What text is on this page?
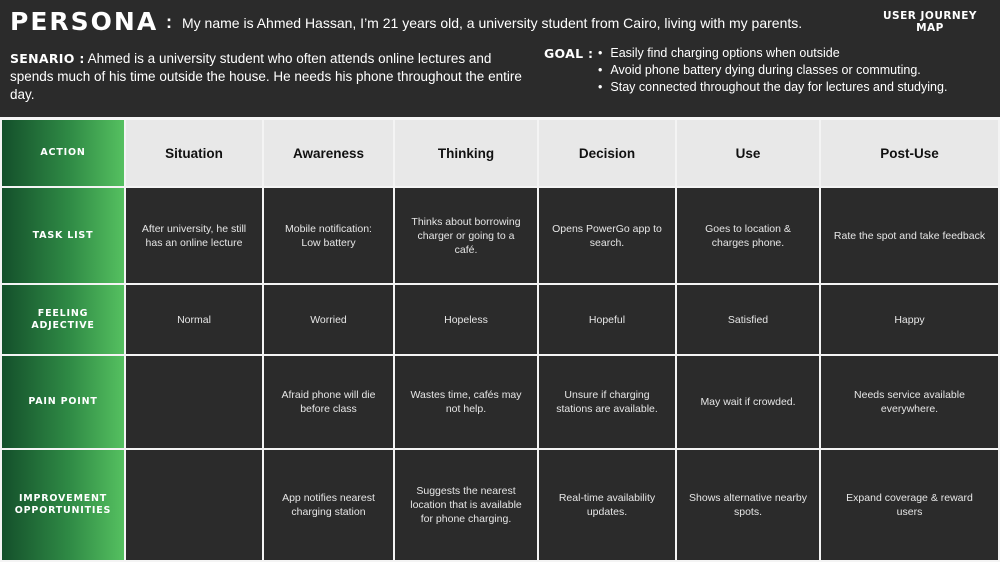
PERSONA : My name is Ahmed Hassan, I’m 21 years old, a university student from Cairo, living with my parents.	USER JOURNEY
MAP
SENARIO : Ahmed is a university student who often attends online lectures and spends much of his time outside the house. He needs his phone throughout the entire day.
GOAL :
•	Easily find charging options when outside
• Avoid phone battery dying during classes or commuting.
• Stay connected throughout the day for lectures and studying.
ACTION	Situation	Awareness	Thinking	Decision	Use	Post-Use
TASK LIST
After university, he still has an online lecture
Mobile notification: Low battery
Thinks about borrowing charger or going to a café.
Opens PowerGo app to search.
Goes to location & charges phone.
Rate the spot and take feedback
FEELING ADJECTIVE	Normal	Worried	Hopeless	Hopeful	Satisfied	Happy
PAIN POINT
Afraid phone will die before class
Wastes time, cafés may not help.
Unsure if charging stations are available.
May wait if crowded.
Needs service available everywhere.
IMPROVEMENT OPPORTUNITIES
App notifies nearest charging station
Suggests the nearest location that is available for phone charging.
Real-time availability updates.
Shows alternative nearby spots.
Expand coverage & reward users
